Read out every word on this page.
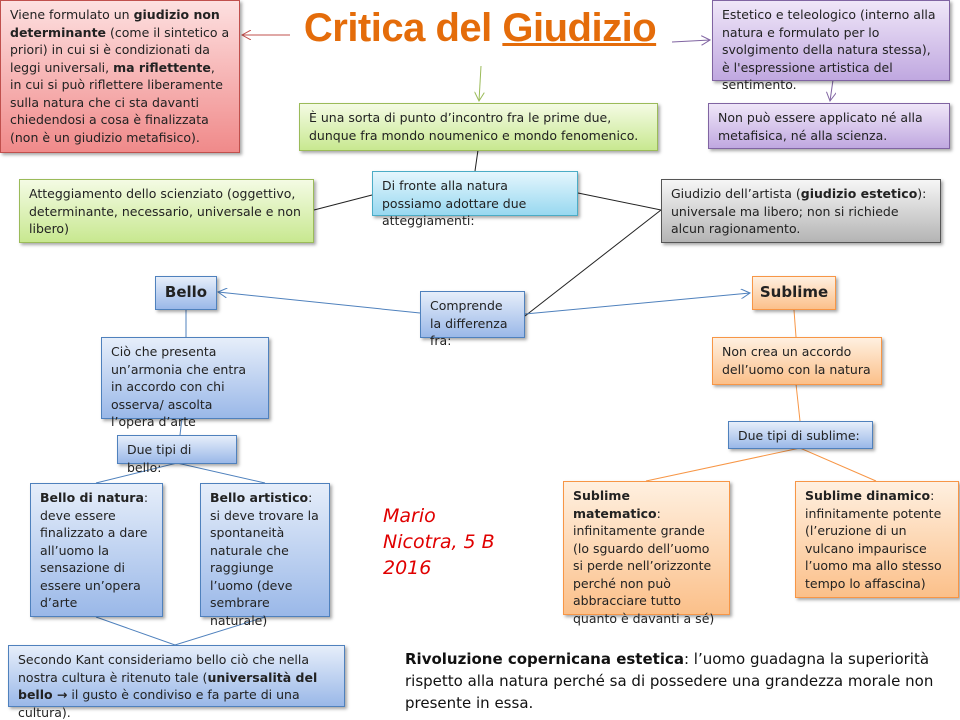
Critica del Giudizio
Viene formulato un giudizio non determinante (come il sintetico a priori) in cui si è condizionati da leggi universali, ma riflettente, in cui si può riflettere liberamente sulla natura che ci sta davanti chiedendosi a cosa è finalizzata (non è un giudizio metafisico).
Estetico e teleologico (interno alla natura e formulato per lo svolgimento della natura stessa), è l'espressione artistica del sentimento.
Non può essere applicato né alla metafisica, né alla scienza.
È una sorta di punto d’incontro fra le prime due, dunque fra mondo noumenico e mondo fenomenico.
Di fronte alla natura possiamo adottare due atteggiamenti:
Atteggiamento dello scienziato (oggettivo, determinante, necessario, universale e non libero)
Giudizio dell’artista (giudizio estetico): universale ma libero; non si richiede alcun ragionamento.
Bello
Comprende la differenza fra:
Sublime
Ciò che presenta un’armonia che entra in accordo con chi osserva/ ascolta l’opera d’arte
Due tipi di bello:
Non crea un accordo dell’uomo con la natura
Due tipi di sublime:
Bello di natura: deve essere finalizzato a dare all’uomo la sensazione di essere un’opera d’arte
Bello artistico: si deve trovare la spontaneità naturale che raggiunge l’uomo (deve sembrare naturale)
Sublime matematico: infinitamente grande (lo sguardo dell’uomo si perde nell’orizzonte perché non può abbracciare tutto quanto è davanti a sé)
Sublime dinamico: infinitamente potente (l’eruzione di un vulcano impaurisce l’uomo ma allo stesso tempo lo affascina)
Secondo Kant consideriamo bello ciò che nella nostra cultura è ritenuto tale (universalità del bello → il gusto è condiviso e fa parte di una cultura).
Mario
Nicotra, 5 B
2016
Rivoluzione copernicana estetica: l’uomo guadagna la superiorità rispetto alla natura perché sa di possedere una grandezza morale non presente in essa.
